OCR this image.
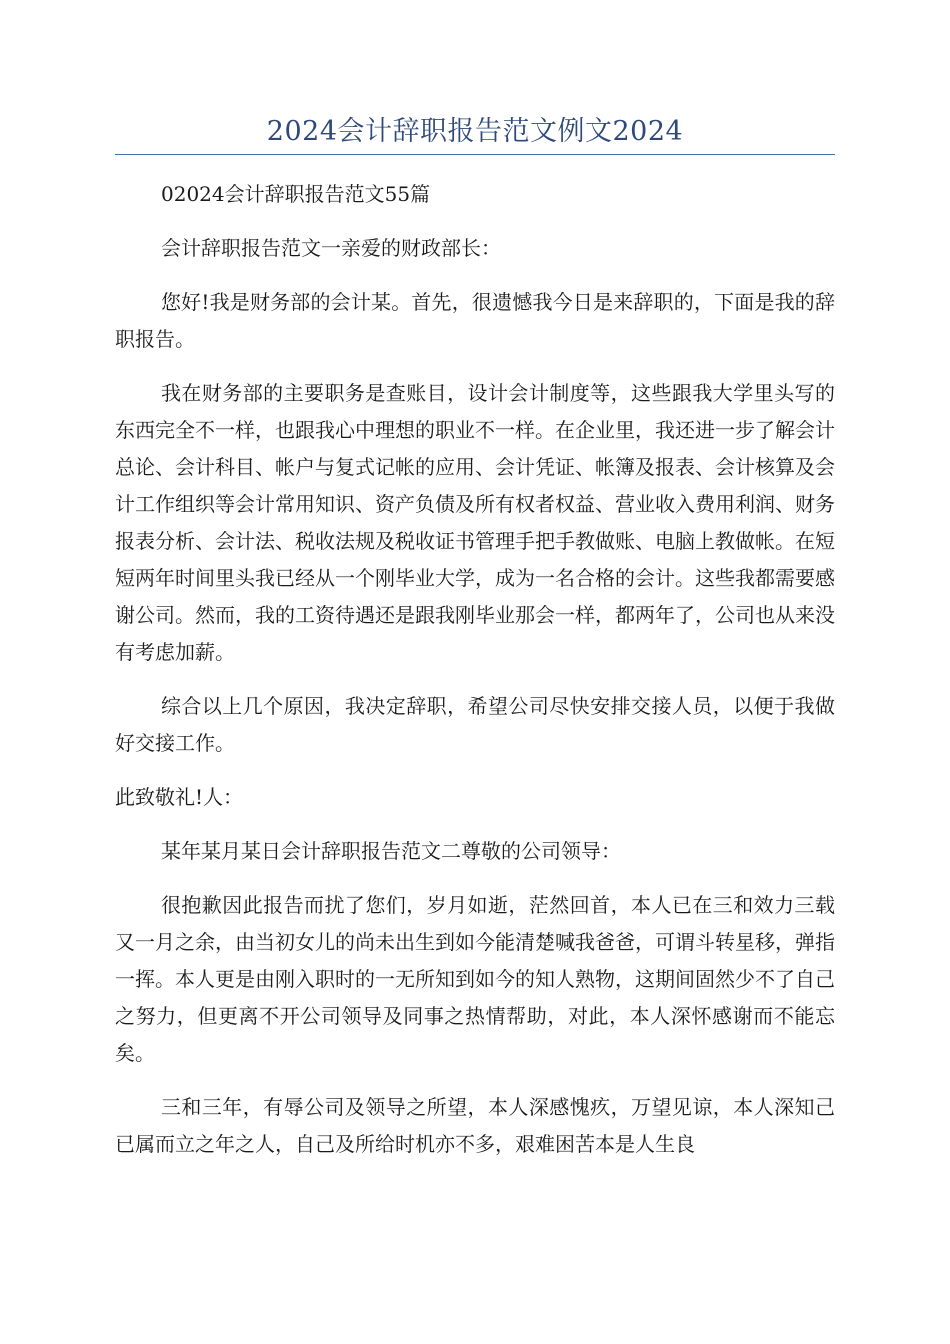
2024会计辞职报告范文例文2024

02024会计辞职报告范文55篇

会计辞职报告范文一亲爱的财政部长：

您好!我是财务部的会计某。首先，很遗憾我今日是来辞职的，下面是我的辞职报告。

我在财务部的主要职务是查账目，设计会计制度等，这些跟我大学里头写的东西完全不一样，也跟我心中理想的职业不一样。在企业里，我还进一步了解会计总论、会计科目、帐户与复式记帐的应用、会计凭证、帐簿及报表、会计核算及会计工作组织等会计常用知识、资产负债及所有权者权益、营业收入费用利润、财务报表分析、会计法、税收法规及税收证书管理手把手教做账、电脑上教做帐。在短短两年时间里头我已经从一个刚毕业大学，成为一名合格的会计。这些我都需要感谢公司。然而，我的工资待遇还是跟我刚毕业那会一样，都两年了，公司也从来没有考虑加薪。

综合以上几个原因，我决定辞职，希望公司尽快安排交接人员，以便于我做好交接工作。

此致敬礼!人：

某年某月某日会计辞职报告范文二尊敬的公司领导：

很抱歉因此报告而扰了您们，岁月如逝，茫然回首，本人已在三和效力三载又一月之余，由当初女儿的尚未出生到如今能清楚喊我爸爸，可谓斗转星移，弹指一挥。本人更是由刚入职时的一无所知到如今的知人熟物，这期间固然少不了自己之努力，但更离不开公司领导及同事之热情帮助，对此，本人深怀感谢而不能忘矣。

三和三年，有辱公司及领导之所望，本人深感愧疚，万望见谅，本人深知己已属而立之年之人，自己及所给时机亦不多，艰难困苦本是人生良
